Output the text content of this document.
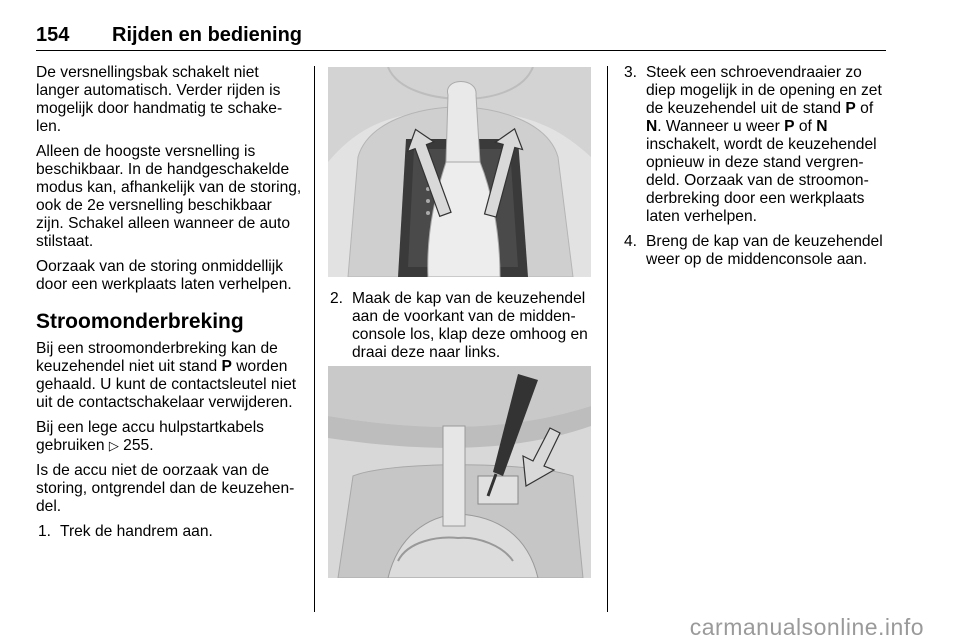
154 Rijden en bediening

De versnellingsbak schakelt niet langer automatisch. Verder rijden is mogelijk door handmatig te schake-len.

Alleen de hoogste versnelling is beschikbaar. In de handgeschakelde modus kan, afhankelijk van de storing, ook de 2e versnelling beschikbaar zijn. Schakel alleen wanneer de auto stilstaat.

Oorzaak van de storing onmiddellijk door een werkplaats laten verhelpen.

Stroomonderbreking

Bij een stroomonderbreking kan de keuzehendel niet uit stand P worden gehaald. U kunt de contactsleutel niet uit de contactschakelaar verwijderen.

Bij een lege accu hulpstartkabels gebruiken ▷ 255.

Is de accu niet de oorzaak van de storing, ontgrendel dan de keuzehen-del.

1. Trek de handrem aan.
2. Maak de kap van de keuzehendel aan de voorkant van de midden-console los, klap deze omhoog en draai deze naar links.
3. Steek een schroevendraaier zo diep mogelijk in de opening en zet de keuzehendel uit de stand P of N. Wanneer u weer P of N inschakelt, wordt de keuzehendel opnieuw in deze stand vergren-deld. Oorzaak van de stroomon-derbreking door een werkplaats laten verhelpen.
4. Breng de kap van de keuzehendel weer op de middenconsole aan.
carmanualsonline.info
